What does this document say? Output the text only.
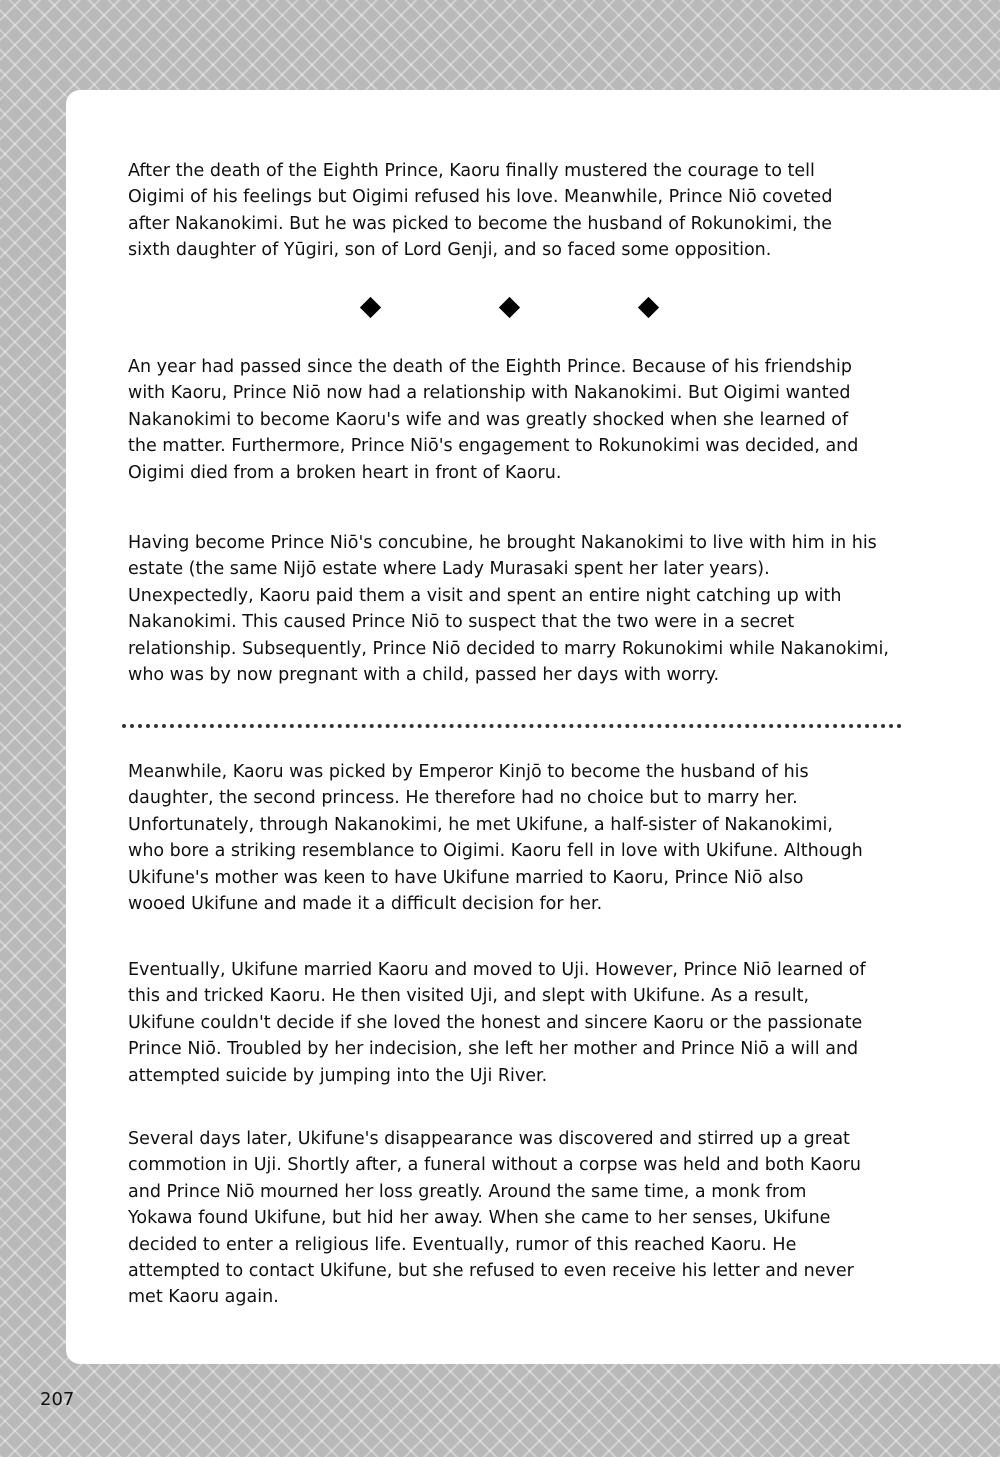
After the death of the Eighth Prince, Kaoru finally mustered the courage to tell
Oigimi of his feelings but Oigimi refused his love. Meanwhile, Prince Niō coveted
after Nakanokimi. But he was picked to become the husband of Rokunokimi, the
sixth daughter of Yūgiri, son of Lord Genji, and so faced some opposition.

An year had passed since the death of the Eighth Prince. Because of his friendship
with Kaoru, Prince Niō now had a relationship with Nakanokimi. But Oigimi wanted
Nakanokimi to become Kaoru's wife and was greatly shocked when she learned of
the matter. Furthermore, Prince Niō's engagement to Rokunokimi was decided, and
Oigimi died from a broken heart in front of Kaoru.

Having become Prince Niō's concubine, he brought Nakanokimi to live with him in his
estate (the same Nijō estate where Lady Murasaki spent her later years).
Unexpectedly, Kaoru paid them a visit and spent an entire night catching up with
Nakanokimi. This caused Prince Niō to suspect that the two were in a secret
relationship. Subsequently, Prince Niō decided to marry Rokunokimi while Nakanokimi,
who was by now pregnant with a child, passed her days with worry.

Meanwhile, Kaoru was picked by Emperor Kinjō to become the husband of his
daughter, the second princess. He therefore had no choice but to marry her.
Unfortunately, through Nakanokimi, he met Ukifune, a half-sister of Nakanokimi,
who bore a striking resemblance to Oigimi. Kaoru fell in love with Ukifune. Although
Ukifune's mother was keen to have Ukifune married to Kaoru, Prince Niō also
wooed Ukifune and made it a difficult decision for her.

Eventually, Ukifune married Kaoru and moved to Uji. However, Prince Niō learned of
this and tricked Kaoru. He then visited Uji, and slept with Ukifune. As a result,
Ukifune couldn't decide if she loved the honest and sincere Kaoru or the passionate
Prince Niō. Troubled by her indecision, she left her mother and Prince Niō a will and
attempted suicide by jumping into the Uji River.

Several days later, Ukifune's disappearance was discovered and stirred up a great
commotion in Uji. Shortly after, a funeral without a corpse was held and both Kaoru
and Prince Niō mourned her loss greatly. Around the same time, a monk from
Yokawa found Ukifune, but hid her away. When she came to her senses, Ukifune
decided to enter a religious life. Eventually, rumor of this reached Kaoru. He
attempted to contact Ukifune, but she refused to even receive his letter and never
met Kaoru again.

207
